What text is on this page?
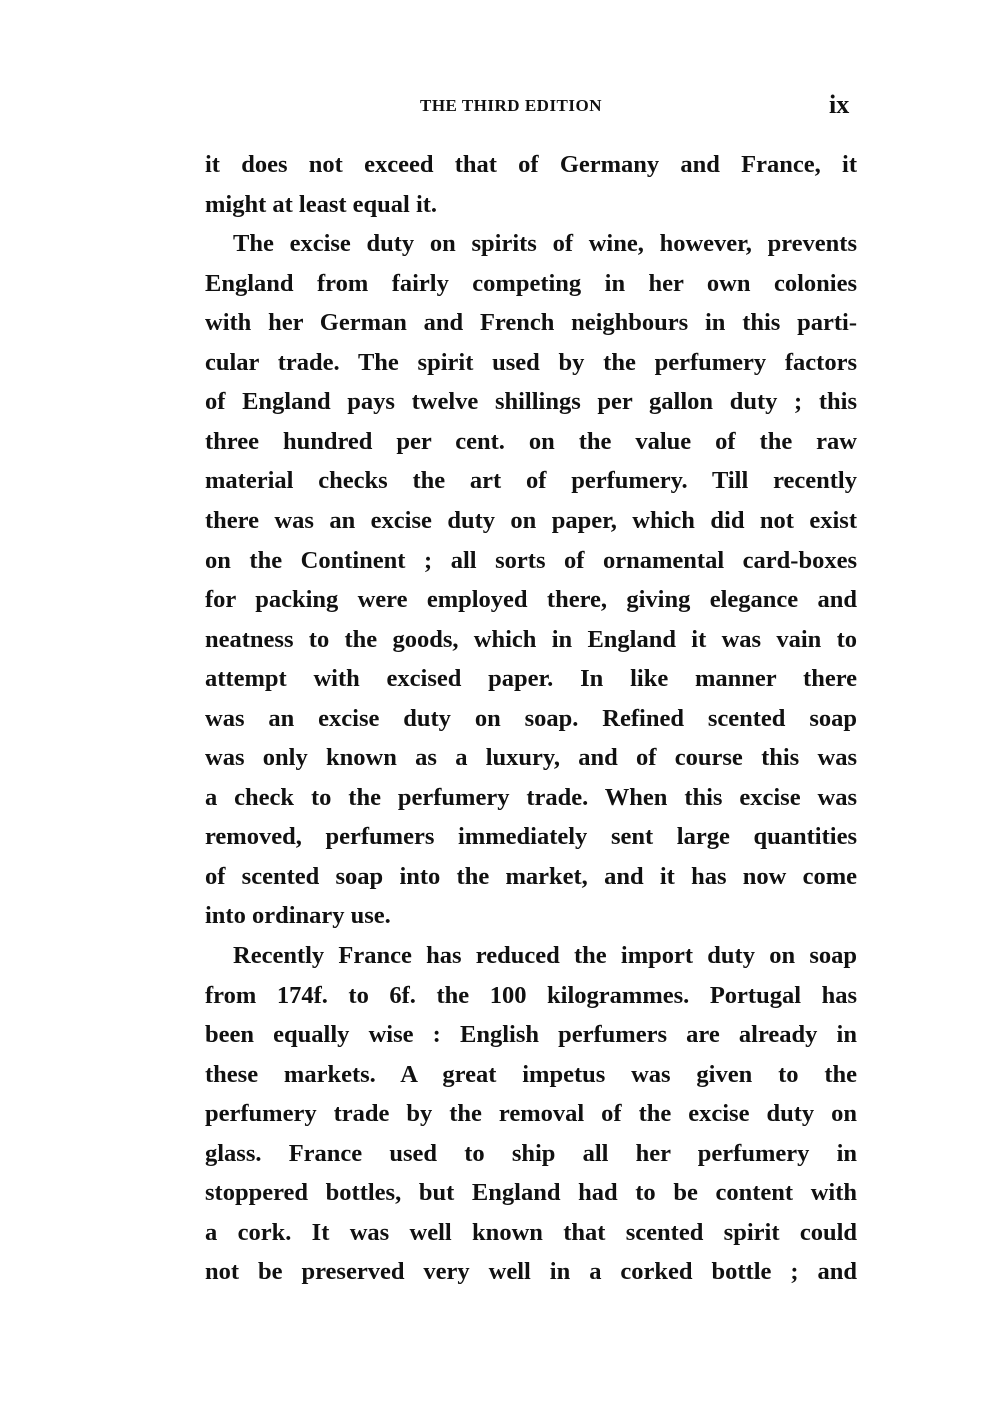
THE THIRD EDITION	ix
it does not exceed that of Germany and France, it
might at least equal it.
The excise duty on spirits of wine, however, prevents
England from fairly competing in her own colonies
with her German and French neighbours in this parti-
cular trade. The spirit used by the perfumery factors
of England pays twelve shillings per gallon duty ; this
three hundred per cent. on the value of the raw
material checks the art of perfumery. Till recently
there was an excise duty on paper, which did not exist
on the Continent ; all sorts of ornamental card-boxes
for packing were employed there, giving elegance and
neatness to the goods, which in England it was vain to
attempt with excised paper. In like manner there
was an excise duty on soap. Refined scented soap
was only known as a luxury, and of course this was
a check to the perfumery trade. When this excise was
removed, perfumers immediately sent large quantities
of scented soap into the market, and it has now come
into ordinary use.
Recently France has reduced the import duty on soap
from 174f. to 6f. the 100 kilogrammes. Portugal has
been equally wise : English perfumers are already in
these markets. A great impetus was given to the
perfumery trade by the removal of the excise duty on
glass. France used to ship all her perfumery in
stoppered bottles, but England had to be content with
a cork. It was well known that scented spirit could
not be preserved very well in a corked bottle ; and
